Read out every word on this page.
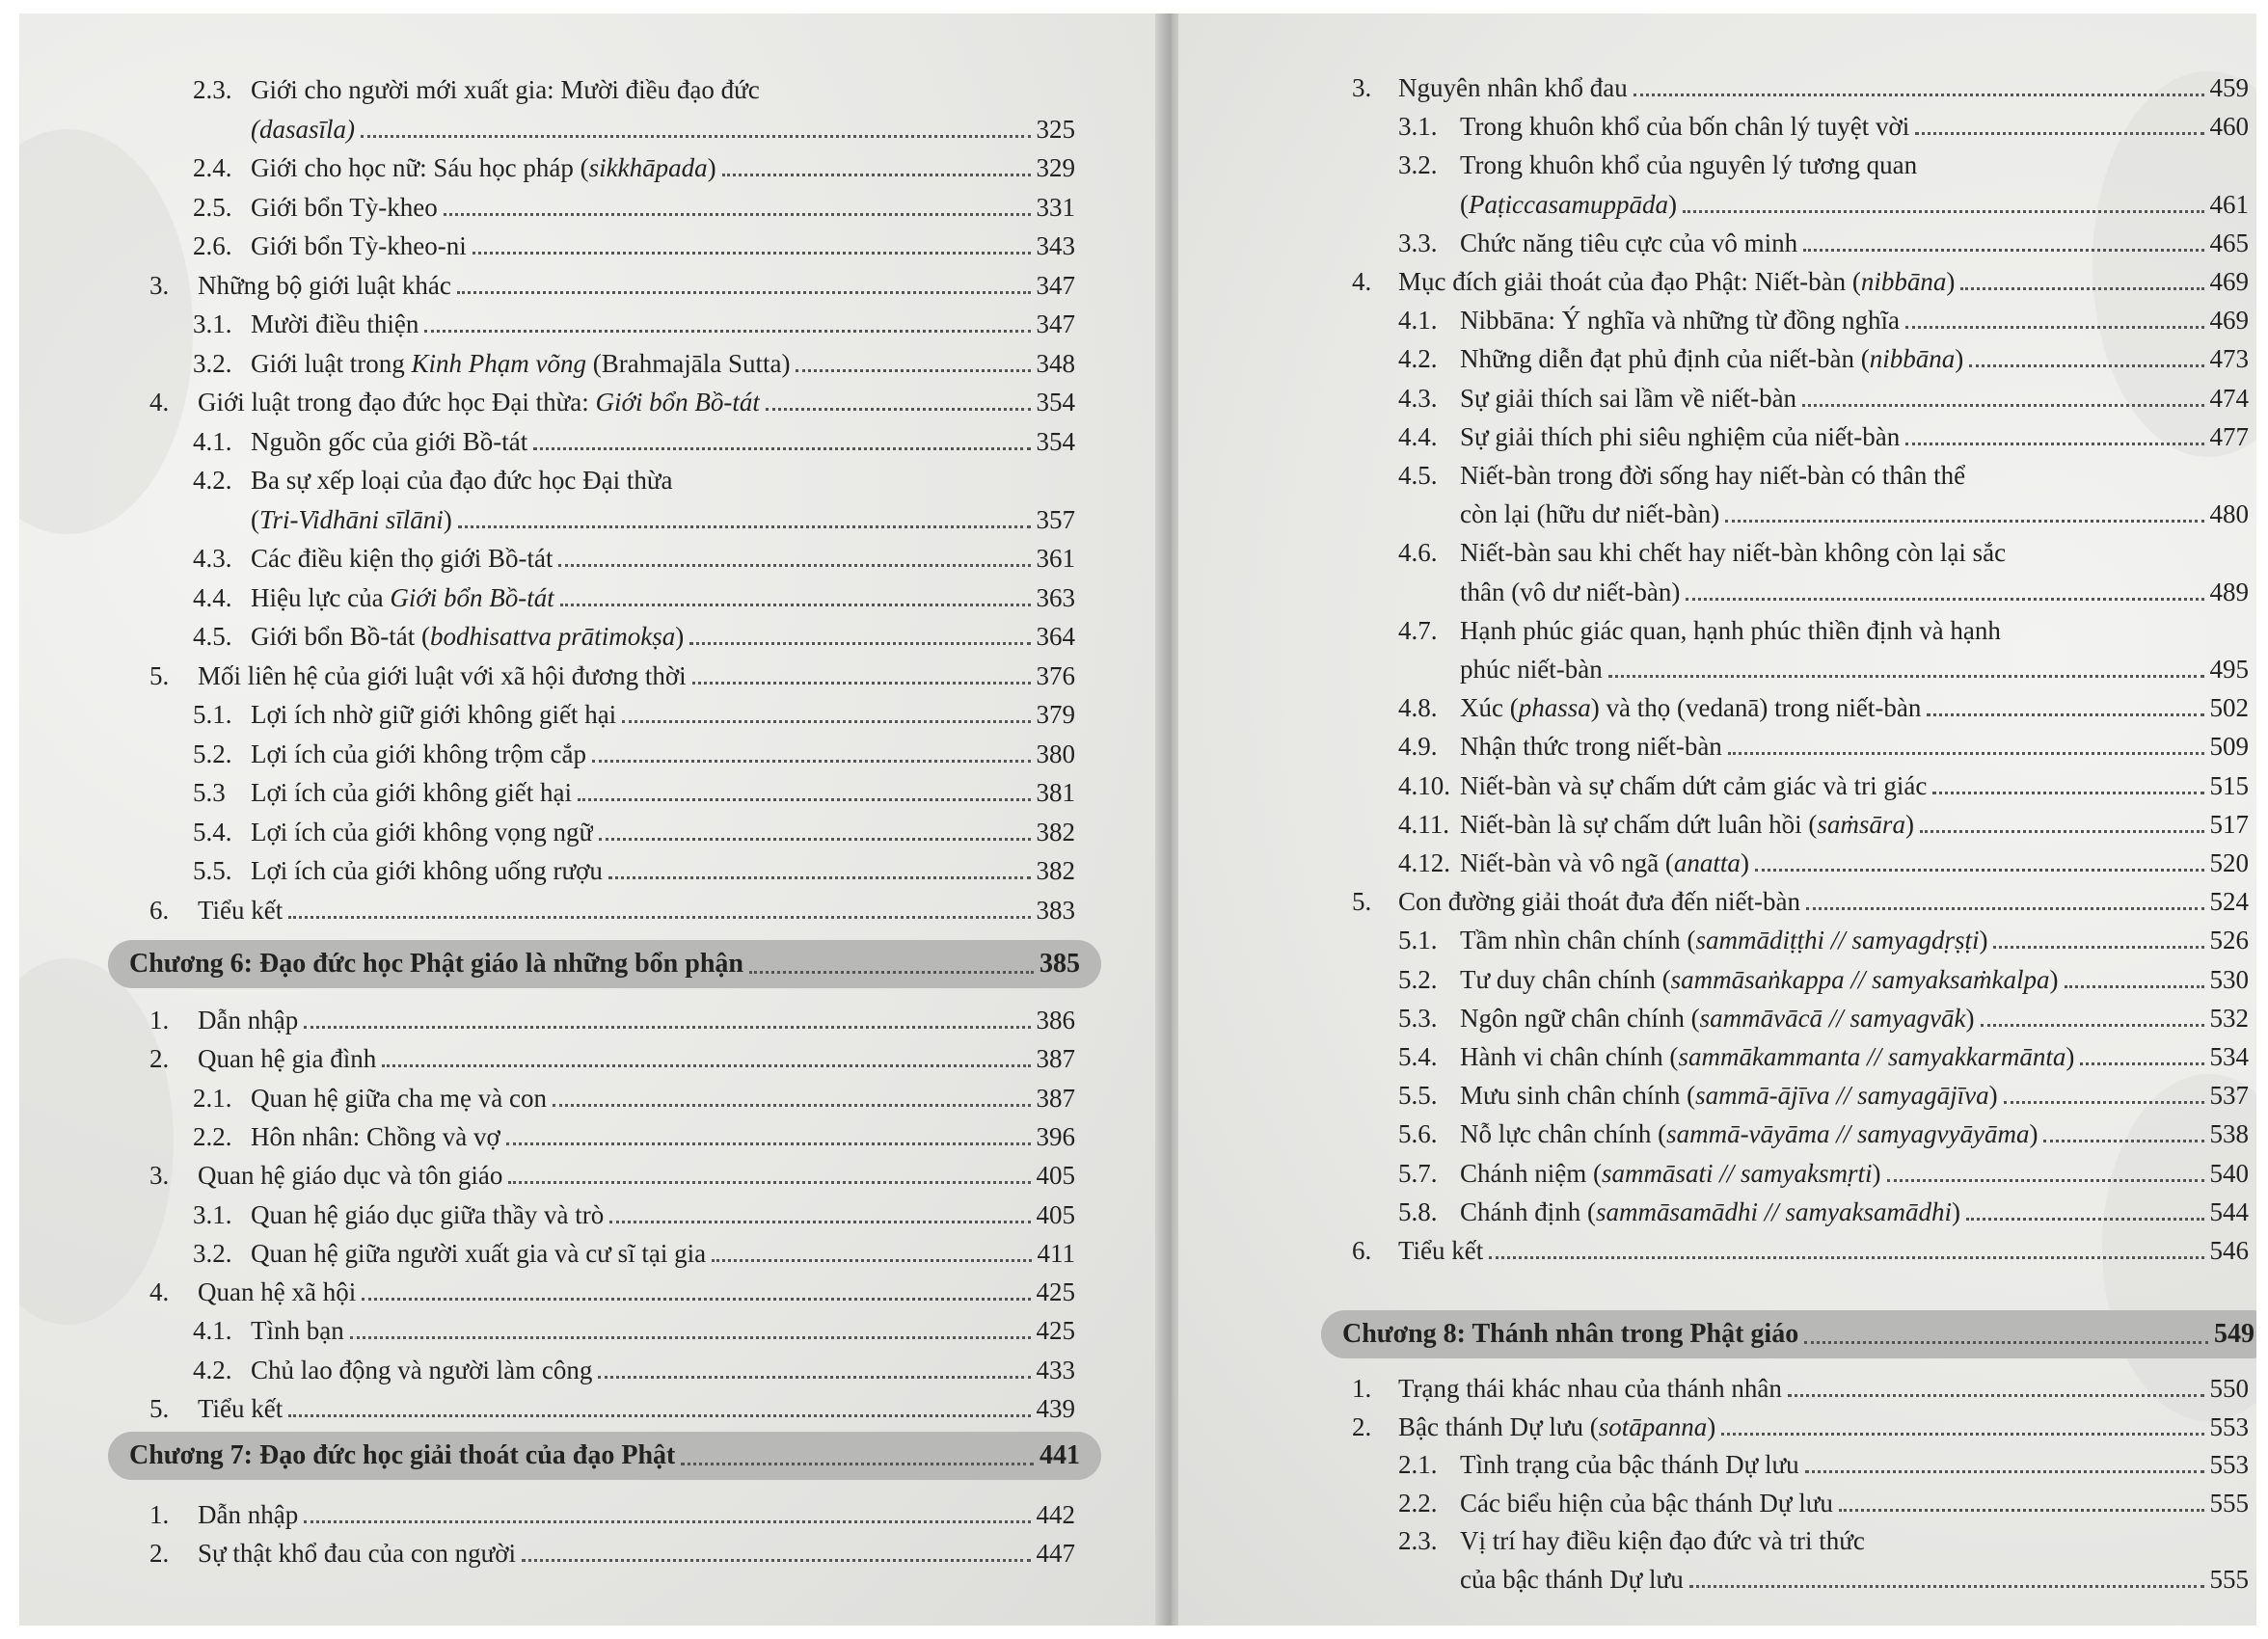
2.3. Giới cho người mới xuất gia: Mười điều đạo đức
(dasasīla)	325
2.4. Giới cho học nữ: Sáu học pháp (sikkhāpada)	329
2.5. Giới bổn Tỳ-kheo	331
2.6. Giới bổn Tỳ-kheo-ni	343
3.	Những bộ giới luật khác	347
3.1. Mười điều thiện	347
3.2. Giới luật trong Kinh Phạm võng (Brahmajāla Sutta)	348
4.	Giới luật trong đạo đức học Đại thừa: Giới bổn Bồ-tát	354
4.1. Nguồn gốc của giới Bồ-tát	354
4.2. Ba sự xếp loại của đạo đức học Đại thừa
(Tri-Vidhāni sīlāni)	357
4.3. Các điều kiện thọ giới Bồ-tát	361
4.4. Hiệu lực của Giới bổn Bồ-tát	363
4.5. Giới bổn Bồ-tát (bodhisattva prātimokṣa)	364
5.	Mối liên hệ của giới luật với xã hội đương thời	376
5.1. Lợi ích nhờ giữ giới không giết hại	379
5.2. Lợi ích của giới không trộm cắp	380
5.3 Lợi ích của giới không giết hại	381
5.4. Lợi ích của giới không vọng ngữ	382
5.5. Lợi ích của giới không uống rượu	382
6.	Tiểu kết	383
Chương 6: Đạo đức học Phật giáo là những bổn phận	385
1.	Dẫn nhập	386
2.	Quan hệ gia đình	387
2.1. Quan hệ giữa cha mẹ và con	387
2.2. Hôn nhân: Chồng và vợ	396
3.	Quan hệ giáo dục và tôn giáo	405
3.1. Quan hệ giáo dục giữa thầy và trò	405
3.2. Quan hệ giữa người xuất gia và cư sĩ tại gia	411
4.	Quan hệ xã hội	425
4.1. Tình bạn	425
4.2. Chủ lao động và người làm công	433
5.	Tiểu kết	439
Chương 7: Đạo đức học giải thoát của đạo Phật	441
1.	Dẫn nhập	442
2.	Sự thật khổ đau của con người	447
3.	Nguyên nhân khổ đau	459
3.1. Trong khuôn khổ của bốn chân lý tuyệt vời	460
3.2. Trong khuôn khổ của nguyên lý tương quan
(Paṭiccasamuppāda)	461
3.3. Chức năng tiêu cực của vô minh	465
4.	Mục đích giải thoát của đạo Phật: Niết-bàn (nibbāna)	469
4.1. Nibbāna: Ý nghĩa và những từ đồng nghĩa	469
4.2. Những diễn đạt phủ định của niết-bàn (nibbāna)	473
4.3. Sự giải thích sai lầm về niết-bàn	474
4.4. Sự giải thích phi siêu nghiệm của niết-bàn	477
4.5. Niết-bàn trong đời sống hay niết-bàn có thân thể
còn lại (hữu dư niết-bàn)	480
4.6. Niết-bàn sau khi chết hay niết-bàn không còn lại sắc
thân (vô dư niết-bàn)	489
4.7. Hạnh phúc giác quan, hạnh phúc thiền định và hạnh
phúc niết-bàn	495
4.8. Xúc (phassa) và thọ (vedanā) trong niết-bàn	502
4.9. Nhận thức trong niết-bàn	509
4.10. Niết-bàn và sự chấm dứt cảm giác và tri giác	515
4.11. Niết-bàn là sự chấm dứt luân hồi (saṁsāra)	517
4.12. Niết-bàn và vô ngã (anatta)	520
5.	Con đường giải thoát đưa đến niết-bàn	524
5.1. Tầm nhìn chân chính (sammādiṭṭhi // samyagdṛṣṭi)	526
5.2. Tư duy chân chính (sammāsaṅkappa // samyaksaṁkalpa)	530
5.3. Ngôn ngữ chân chính (sammāvācā // samyagvāk)	532
5.4. Hành vi chân chính (sammākammanta // samyakkarmānta)	534
5.5. Mưu sinh chân chính (sammā-ājīva // samyagājīva)	537
5.6. Nỗ lực chân chính (sammā-vāyāma // samyagvyāyāma)	538
5.7. Chánh niệm (sammāsati // samyaksmṛti)	540
5.8. Chánh định (sammāsamādhi // samyaksamādhi)	544
6.	Tiểu kết	546
Chương 8: Thánh nhân trong Phật giáo	549
1.	Trạng thái khác nhau của thánh nhân	550
2.	Bậc thánh Dự lưu (sotāpanna)	553
2.1. Tình trạng của bậc thánh Dự lưu	553
2.2. Các biểu hiện của bậc thánh Dự lưu	555
2.3. Vị trí hay điều kiện đạo đức và tri thức
của bậc thánh Dự lưu	555
